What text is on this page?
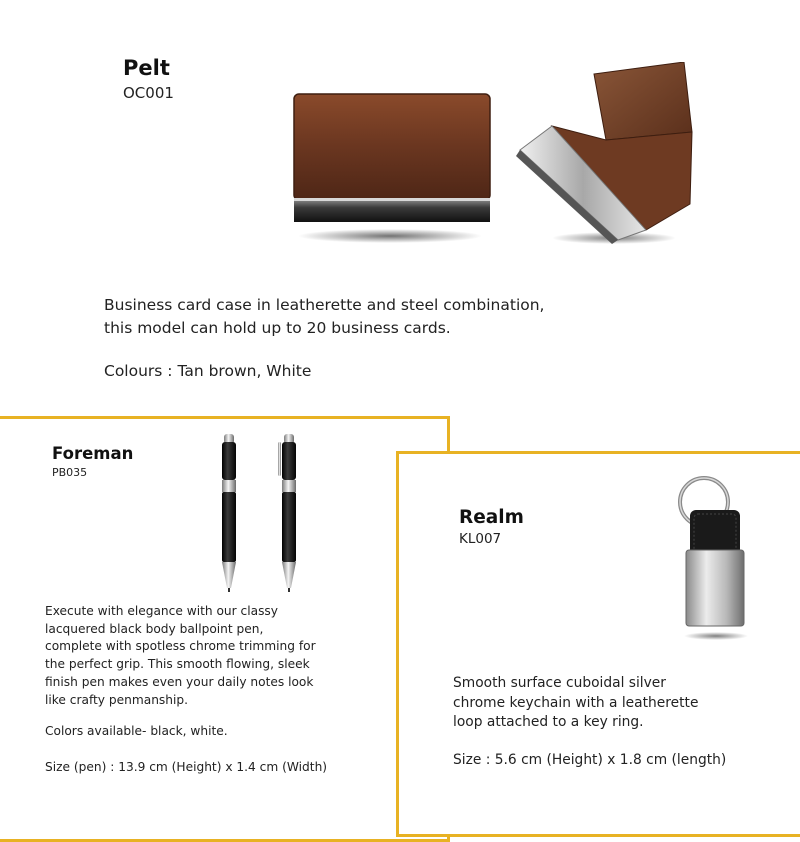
Pelt
OC001
Business card case in leatherette and steel combination,
this model can hold up to 20 business cards.
Colours : Tan brown, White
Foreman
PB035
Execute with elegance with our classy
lacquered black body ballpoint pen,
complete with spotless chrome trimming for
the perfect grip. This smooth flowing, sleek
finish pen makes even your daily notes look
like crafty penmanship.
Colors available- black, white.
Size (pen) : 13.9 cm (Height) x 1.4 cm (Width)
Realm
KL007
Smooth surface cuboidal silver
chrome keychain with a leatherette
loop attached to a key ring.
Size : 5.6 cm (Height) x 1.8 cm (length)
